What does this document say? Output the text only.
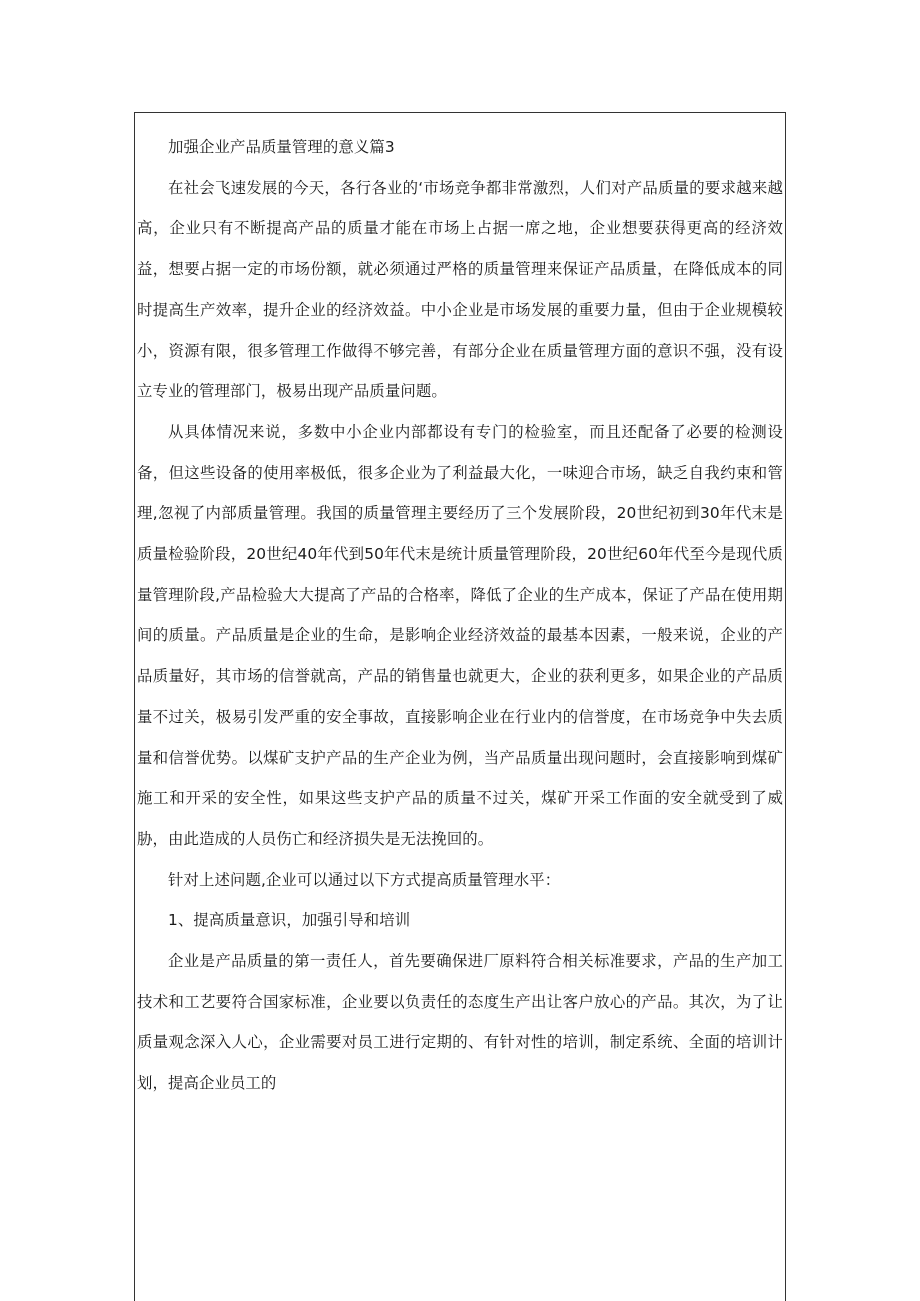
加强企业产品质量管理的意义篇3

在社会飞速发展的今天，各行各业的‘市场竞争都非常激烈，人们对产品质量的要求越来越高，企业只有不断提高产品的质量才能在市场上占据一席之地，企业想要获得更高的经济效益，想要占据一定的市场份额，就必须通过严格的质量管理来保证产品质量，在降低成本的同时提高生产效率，提升企业的经济效益。中小企业是市场发展的重要力量，但由于企业规模较小，资源有限，很多管理工作做得不够完善，有部分企业在质量管理方面的意识不强，没有设立专业的管理部门，极易出现产品质量问题。

从具体情况来说，多数中小企业内部都设有专门的检验室，而且还配备了必要的检测设备，但这些设备的使用率极低，很多企业为了利益最大化，一味迎合市场，缺乏自我约束和管理,忽视了内部质量管理。我国的质量管理主要经历了三个发展阶段，20世纪初到30年代末是质量检验阶段，20世纪40年代到50年代末是统计质量管理阶段，20世纪60年代至今是现代质量管理阶段,产品检验大大提高了产品的合格率，降低了企业的生产成本，保证了产品在使用期间的质量。产品质量是企业的生命，是影响企业经济效益的最基本因素，一般来说，企业的产品质量好，其市场的信誉就高，产品的销售量也就更大，企业的获利更多，如果企业的产品质量不过关，极易引发严重的安全事故，直接影响企业在行业内的信誉度，在市场竞争中失去质量和信誉优势。以煤矿支护产品的生产企业为例，当产品质量出现问题时，会直接影响到煤矿施工和开采的安全性，如果这些支护产品的质量不过关，煤矿开采工作面的安全就受到了威胁，由此造成的人员伤亡和经济损失是无法挽回的。

针对上述问题,企业可以通过以下方式提高质量管理水平：

1、提高质量意识，加强引导和培训

企业是产品质量的第一责任人，首先要确保进厂原料符合相关标准要求，产品的生产加工技术和工艺要符合国家标准，企业要以负责任的态度生产出让客户放心的产品。其次，为了让质量观念深入人心，企业需要对员工进行定期的、有针对性的培训，制定系统、全面的培训计划，提高企业员工的
